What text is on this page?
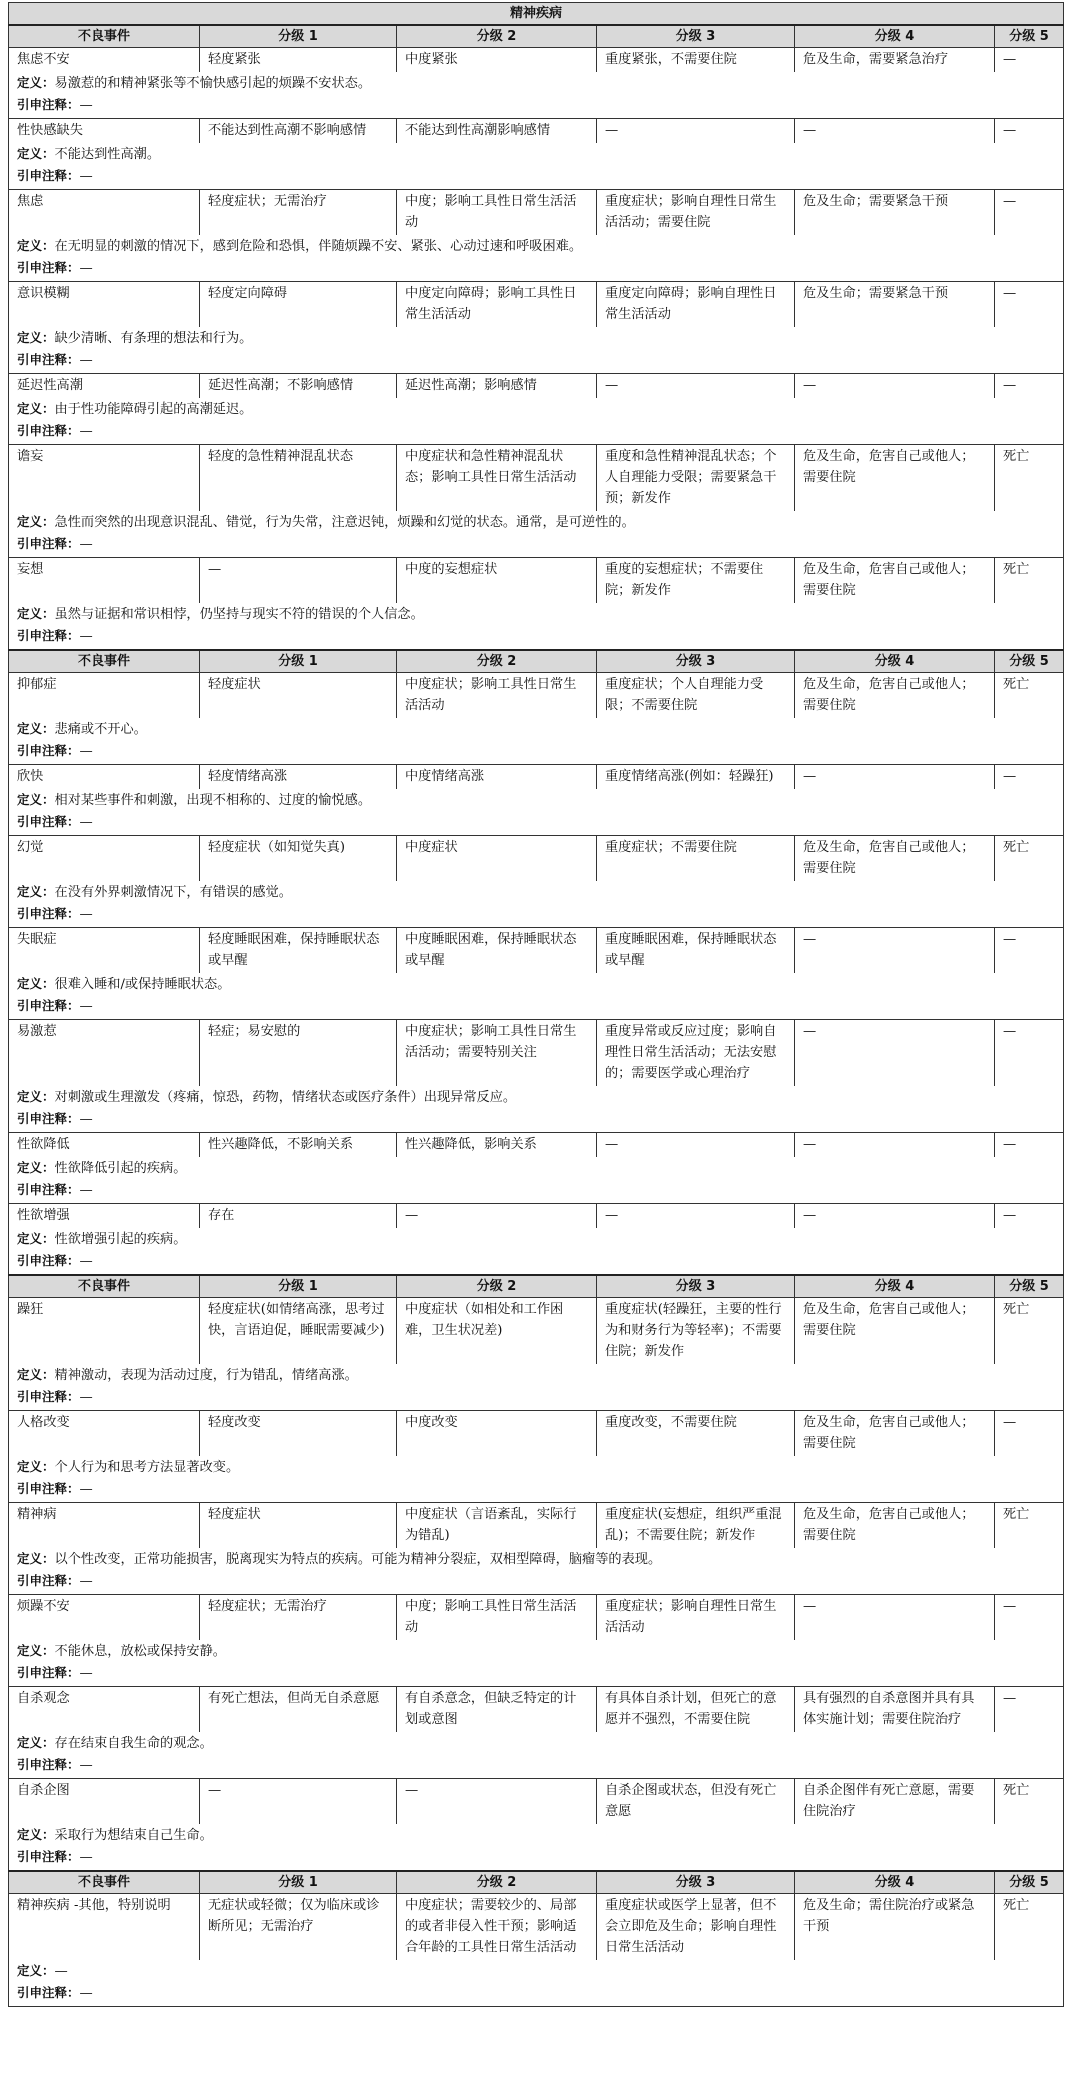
精神疾病					
不良事件	分级 1	分级 2	分级 3	分级 4	分级 5
焦虑不安	轻度紧张	中度紧张	重度紧张，不需要住院	危及生命，需要紧急治疗	—
定义：易激惹的和精神紧张等不愉快感引起的烦躁不安状态。					
引申注释：—					
性快感缺失	不能达到性高潮不影响感情	不能达到性高潮影响感情	—	—	—
定义：不能达到性高潮。					
引申注释：—					
焦虑	轻度症状；无需治疗	中度；影响工具性日常生活活动	重度症状；影响自理性日常生活活动；需要住院	危及生命；需要紧急干预	—
定义：在无明显的刺激的情况下，感到危险和恐惧，伴随烦躁不安、紧张、心动过速和呼吸困难。					
引申注释：—					
意识模糊	轻度定向障碍	中度定向障碍；影响工具性日常生活活动	重度定向障碍；影响自理性日常生活活动	危及生命；需要紧急干预	—
定义：缺少清晰、有条理的想法和行为。					
引申注释：—					
延迟性高潮	延迟性高潮；不影响感情	延迟性高潮；影响感情	—	—	—
定义：由于性功能障碍引起的高潮延迟。					
引申注释：—					
谵妄	轻度的急性精神混乱状态	中度症状和急性精神混乱状态；影响工具性日常生活活动	重度和急性精神混乱状态；个人自理能力受限；需要紧急干预；新发作	危及生命，危害自己或他人；需要住院	死亡
定义：急性而突然的出现意识混乱、错觉，行为失常，注意迟钝，烦躁和幻觉的状态。通常，是可逆性的。					
引申注释：—					
妄想	—	中度的妄想症状	重度的妄想症状；不需要住院；新发作	危及生命，危害自己或他人；需要住院	死亡
定义：虽然与证据和常识相悖，仍坚持与现实不符的错误的个人信念。					
引申注释：—					
不良事件	分级 1	分级 2	分级 3	分级 4	分级 5
抑郁症	轻度症状	中度症状；影响工具性日常生活活动	重度症状；个人自理能力受限；不需要住院	危及生命，危害自己或他人；需要住院	死亡
定义：悲痛或不开心。					
引申注释：—					
欣快	轻度情绪高涨	中度情绪高涨	重度情绪高涨(例如：轻躁狂)	—	—
定义：相对某些事件和刺激，出现不相称的、过度的愉悦感。					
引申注释：—					
幻觉	轻度症状（如知觉失真)	中度症状	重度症状；不需要住院	危及生命，危害自己或他人；需要住院	死亡
定义：在没有外界刺激情况下，有错误的感觉。					
引申注释：—					
失眠症	轻度睡眠困难，保持睡眠状态或早醒	中度睡眠困难，保持睡眠状态或早醒	重度睡眠困难，保持睡眠状态或早醒	—	—
定义：很难入睡和/或保持睡眠状态。					
引申注释：—					
易激惹	轻症；易安慰的	中度症状；影响工具性日常生活活动；需要特别关注	重度异常或反应过度；影响自理性日常生活活动；无法安慰的；需要医学或心理治疗	—	—
定义：对刺激或生理激发（疼痛，惊恐，药物，情绪状态或医疗条件）出现异常反应。					
引申注释：—					
性欲降低	性兴趣降低，不影响关系	性兴趣降低，影响关系	—	—	—
定义：性欲降低引起的疾病。					
引申注释：—					
性欲增强	存在	—	—	—	—
定义：性欲增强引起的疾病。					
引申注释：—					
不良事件	分级 1	分级 2	分级 3	分级 4	分级 5
躁狂	轻度症状(如情绪高涨，思考过快，言语迫促，睡眠需要减少)	中度症状（如相处和工作困难，卫生状况差)	重度症状(轻躁狂，主要的性行为和财务行为等轻率)；不需要住院；新发作	危及生命，危害自己或他人；需要住院	死亡
定义：精神激动，表现为活动过度，行为错乱，情绪高涨。					
引申注释：—					
人格改变	轻度改变	中度改变	重度改变，不需要住院	危及生命，危害自己或他人；需要住院	—
定义：个人行为和思考方法显著改变。					
引申注释：—					
精神病	轻度症状	中度症状（言语紊乱，实际行为错乱)	重度症状(妄想症，组织严重混乱)；不需要住院；新发作	危及生命，危害自己或他人；需要住院	死亡
定义：以个性改变，正常功能损害，脱离现实为特点的疾病。可能为精神分裂症，双相型障碍，脑瘤等的表现。					
引申注释：—					
烦躁不安	轻度症状；无需治疗	中度；影响工具性日常生活活动	重度症状；影响自理性日常生活活动	—	—
定义：不能休息，放松或保持安静。					
引申注释：—					
自杀观念	有死亡想法，但尚无自杀意愿	有自杀意念，但缺乏特定的计划或意图	有具体自杀计划，但死亡的意愿并不强烈，不需要住院	具有强烈的自杀意图并具有具体实施计划；需要住院治疗	—
定义：存在结束自我生命的观念。					
引申注释：—					
自杀企图	—	—	自杀企图或状态，但没有死亡意愿	自杀企图伴有死亡意愿，需要住院治疗	死亡
定义：采取行为想结束自己生命。					
引申注释：—					
不良事件	分级 1	分级 2	分级 3	分级 4	分级 5
精神疾病 -其他，特别说明	无症状或轻微；仅为临床或诊断所见；无需治疗	中度症状；需要较少的、局部的或者非侵入性干预；影响适合年龄的工具性日常生活活动	重度症状或医学上显著，但不会立即危及生命；影响自理性日常生活活动	危及生命；需住院治疗或紧急干预	死亡
定义：—					
引申注释：—					
